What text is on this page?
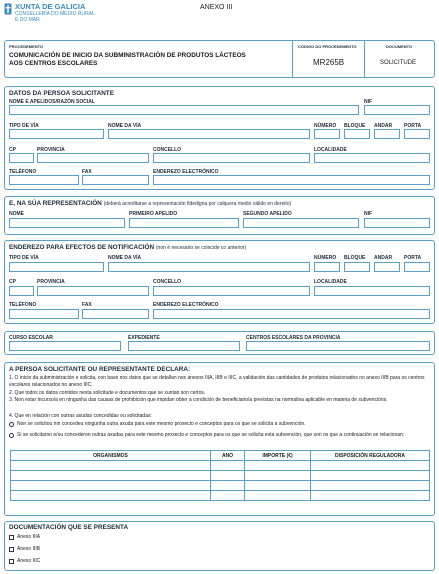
XUNTA DE GALICIA
CONSELLERÍA DO MEDIO RURAL
E DO MAR
ANEXO III
PROCEDEMENTO
COMUNICACIÓN DE INICIO DA SUBMINISTRACIÓN DE PRODUTOS LÁCTEOS
AOS CENTROS ESCOLARES
CÓDIGO DO PROCEDEMENTO
MR265B
DOCUMENTO
SOLICITUDE
DATOS DA PERSOA SOLICITANTE
NOME E APELIDOS/RAZÓN SOCIAL	NIF
TIPO DE VÍA	NOME DA VÍA	NÚMERO BLOQUE ANDAR PORTA
CP	PROVINCIA	CONCELLO	LOCALIDADE
TELÉFONO	FAX	ENDEREZO ELECTRÓNICO
E, NA SÚA REPRESENTACIÓN (deberá acreditarse a representación fidedigna por calquera medio válido en dereito)
NOME	PRIMEIRO APELIDO	SEGUNDO APELIDO	NIF
ENDEREZO PARA EFECTOS DE NOTIFICACIÓN (non é necesario se coincide co anterior)
TIPO DE VÍA	NOME DA VÍA	NÚMERO BLOQUE ANDAR PORTA
CP	PROVINCIA	CONCELLO	LOCALIDADE
TELÉFONO	FAX	ENDEREZO ELECTRÓNICO
CURSO ESCOLAR	EXPEDIENTE	CENTROS ESCOLARES DA PROVINCIA
A PERSOA SOLICITANTE OU REPRESENTANTE DECLARA:
1. O inicio da subministración e solicita, con base nos datos que se detallan nos anexos IIIA, IIIB e IIIC, a validación das cantidades de produtos relacionados no anexo IIIB para os centros escolares relacionados no anexo IIIC.
2. Que todos os datos contidos nesta solicitude e documentos que se xuntan son certos.
3. Non estar incurso/a en ningunha das causas de prohibición que impidan obter a condición de beneficiario/a previstas na normativa aplicable en materia de subvencións.
4. Que en relación con outras axudas concedidas ou solicitadas:
Non se solicitou nin concedeu ningunha outra axuda para este mesmo proxecto e conceptos para os que se solicita a subvención.
Si se solicitaron e/ou concederon outras axudas para este mesmo proxecto e conceptos para os que se solicita esta subvención, que son os que a continuación se relacionan:
ORGANISMOS	ANO	IMPORTE (€)	DISPOSICIÓN REGULADORA

DOCUMENTACIÓN QUE SE PRESENTA
Anexo IIIA
Anexo IIIB
Anexo IIIC
